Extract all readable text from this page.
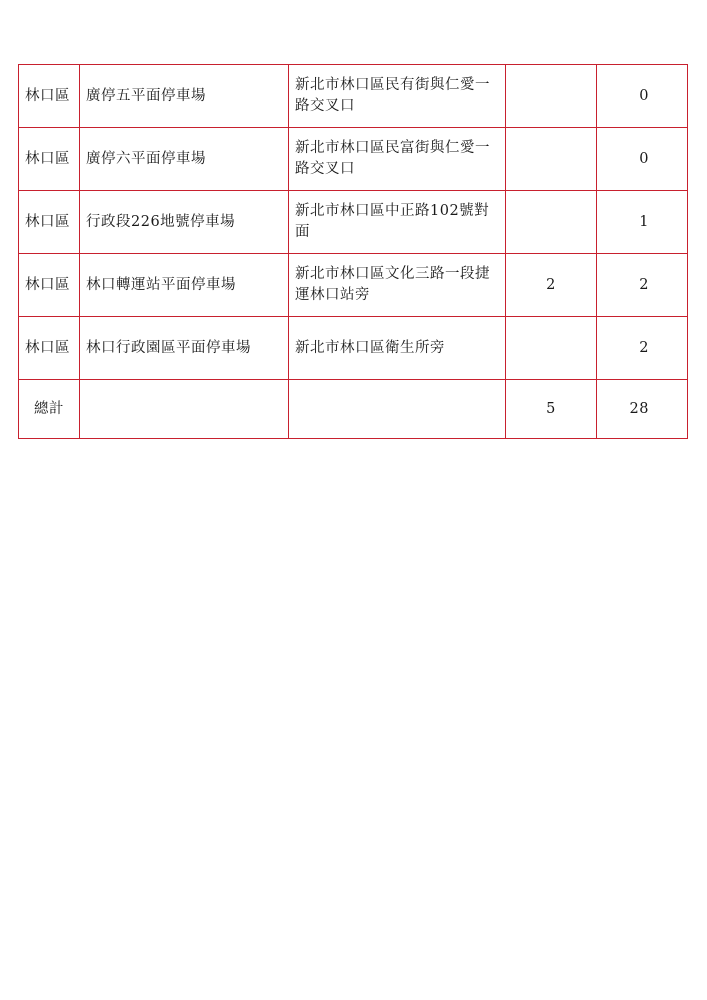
林口區	廣停五平面停車場	新北市林口區民有街與仁愛一路交叉口		0
林口區	廣停六平面停車場	新北市林口區民富街與仁愛一路交叉口		0
林口區	行政段226地號停車場	新北市林口區中正路102號對面		1
林口區	林口轉運站平面停車場	新北市林口區文化三路一段捷運林口站旁	2	2
林口區	林口行政園區平面停車場	新北市林口區衛生所旁		2
總計			5	28
